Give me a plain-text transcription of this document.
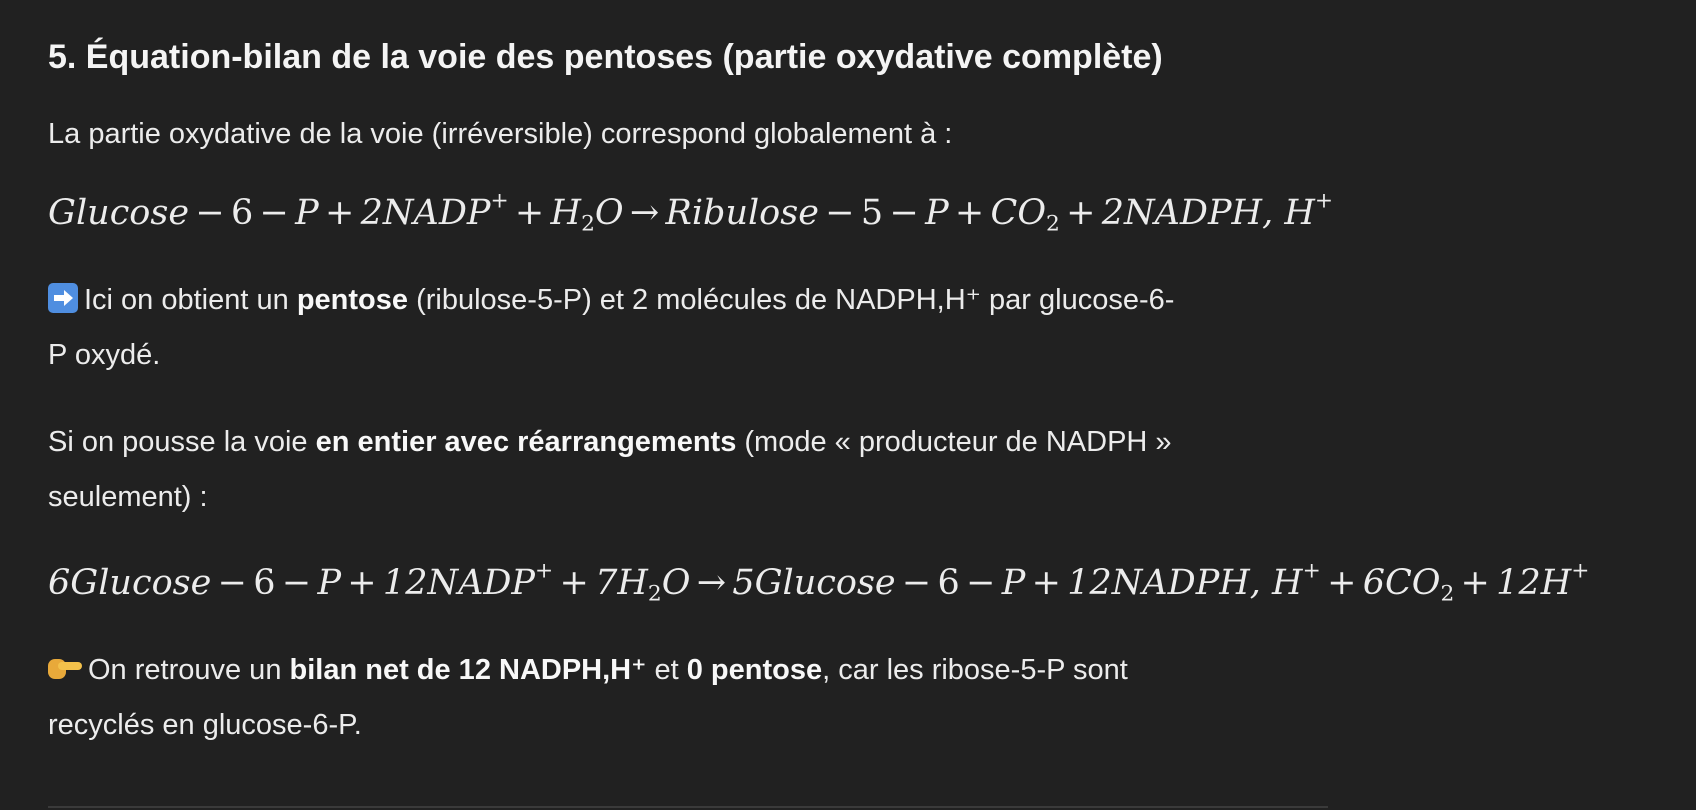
5. Équation-bilan de la voie des pentoses (partie oxydative complète)

La partie oxydative de la voie (irréversible) correspond globalement à :

Glucose − 6 − P + 2NADP+ + $H_2O$ → Ribulose − $5 - P + CO_2$ + 2NADPH, H+

Ici on obtient un pentose (ribulose-5-P) et 2 molécules de NADPH,H⁺ par glucose-6-
P oxydé.

Si on pousse la voie en entier avec réarrangements (mode « producteur de NADPH »
seulement) :

6Glucose − 6 − P + 12NADP+ + $7H_2O \to 5Glucose - 6 - P$ + 12NADPH, $H^+ + 6CO_2 + 12H^+$

On retrouve un bilan net de 12 NADPH,H⁺ et 0 pentose, car les ribose-5-P sont
recyclés en glucose-6-P.
